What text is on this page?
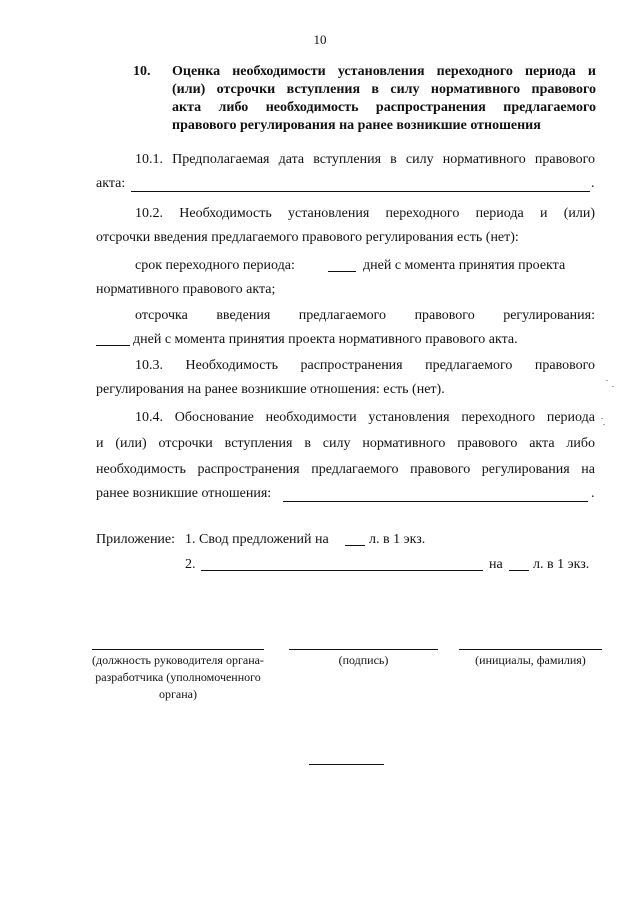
10
10. Оценка необходимости установления переходного периода и
(или) отсрочки вступления в силу нормативного правового
акта либо необходимость распространения предлагаемого
правового регулирования на ранее возникшие отношения
10.1. Предполагаемая дата вступления в силу нормативного правового
акта:	.
10.2. Необходимость установления переходного периода и (или)
отсрочки введения предлагаемого правового регулирования есть (нет):
срок переходного периода:	дней с момента принятия проекта
нормативного правового акта;
отсрочка введения предлагаемого правового регулирования:
дней с момента принятия проекта нормативного правового акта.
10.3. Необходимость распространения предлагаемого правового
регулирования на ранее возникшие отношения: есть (нет).
10.4. Обоснование необходимости установления переходного периода
и (или) отсрочки вступления в силу нормативного правового акта либо
необходимость распространения предлагаемого правового регулирования на
ранее возникшие отношения:	.
Приложение: 1. Свод предложений на	л. в 1 экз.
2.	на л. в 1 экз.
(должность руководителя органа-разработчика (уполномоченного органа)
(подпись)	(инициалы, фамилия)
